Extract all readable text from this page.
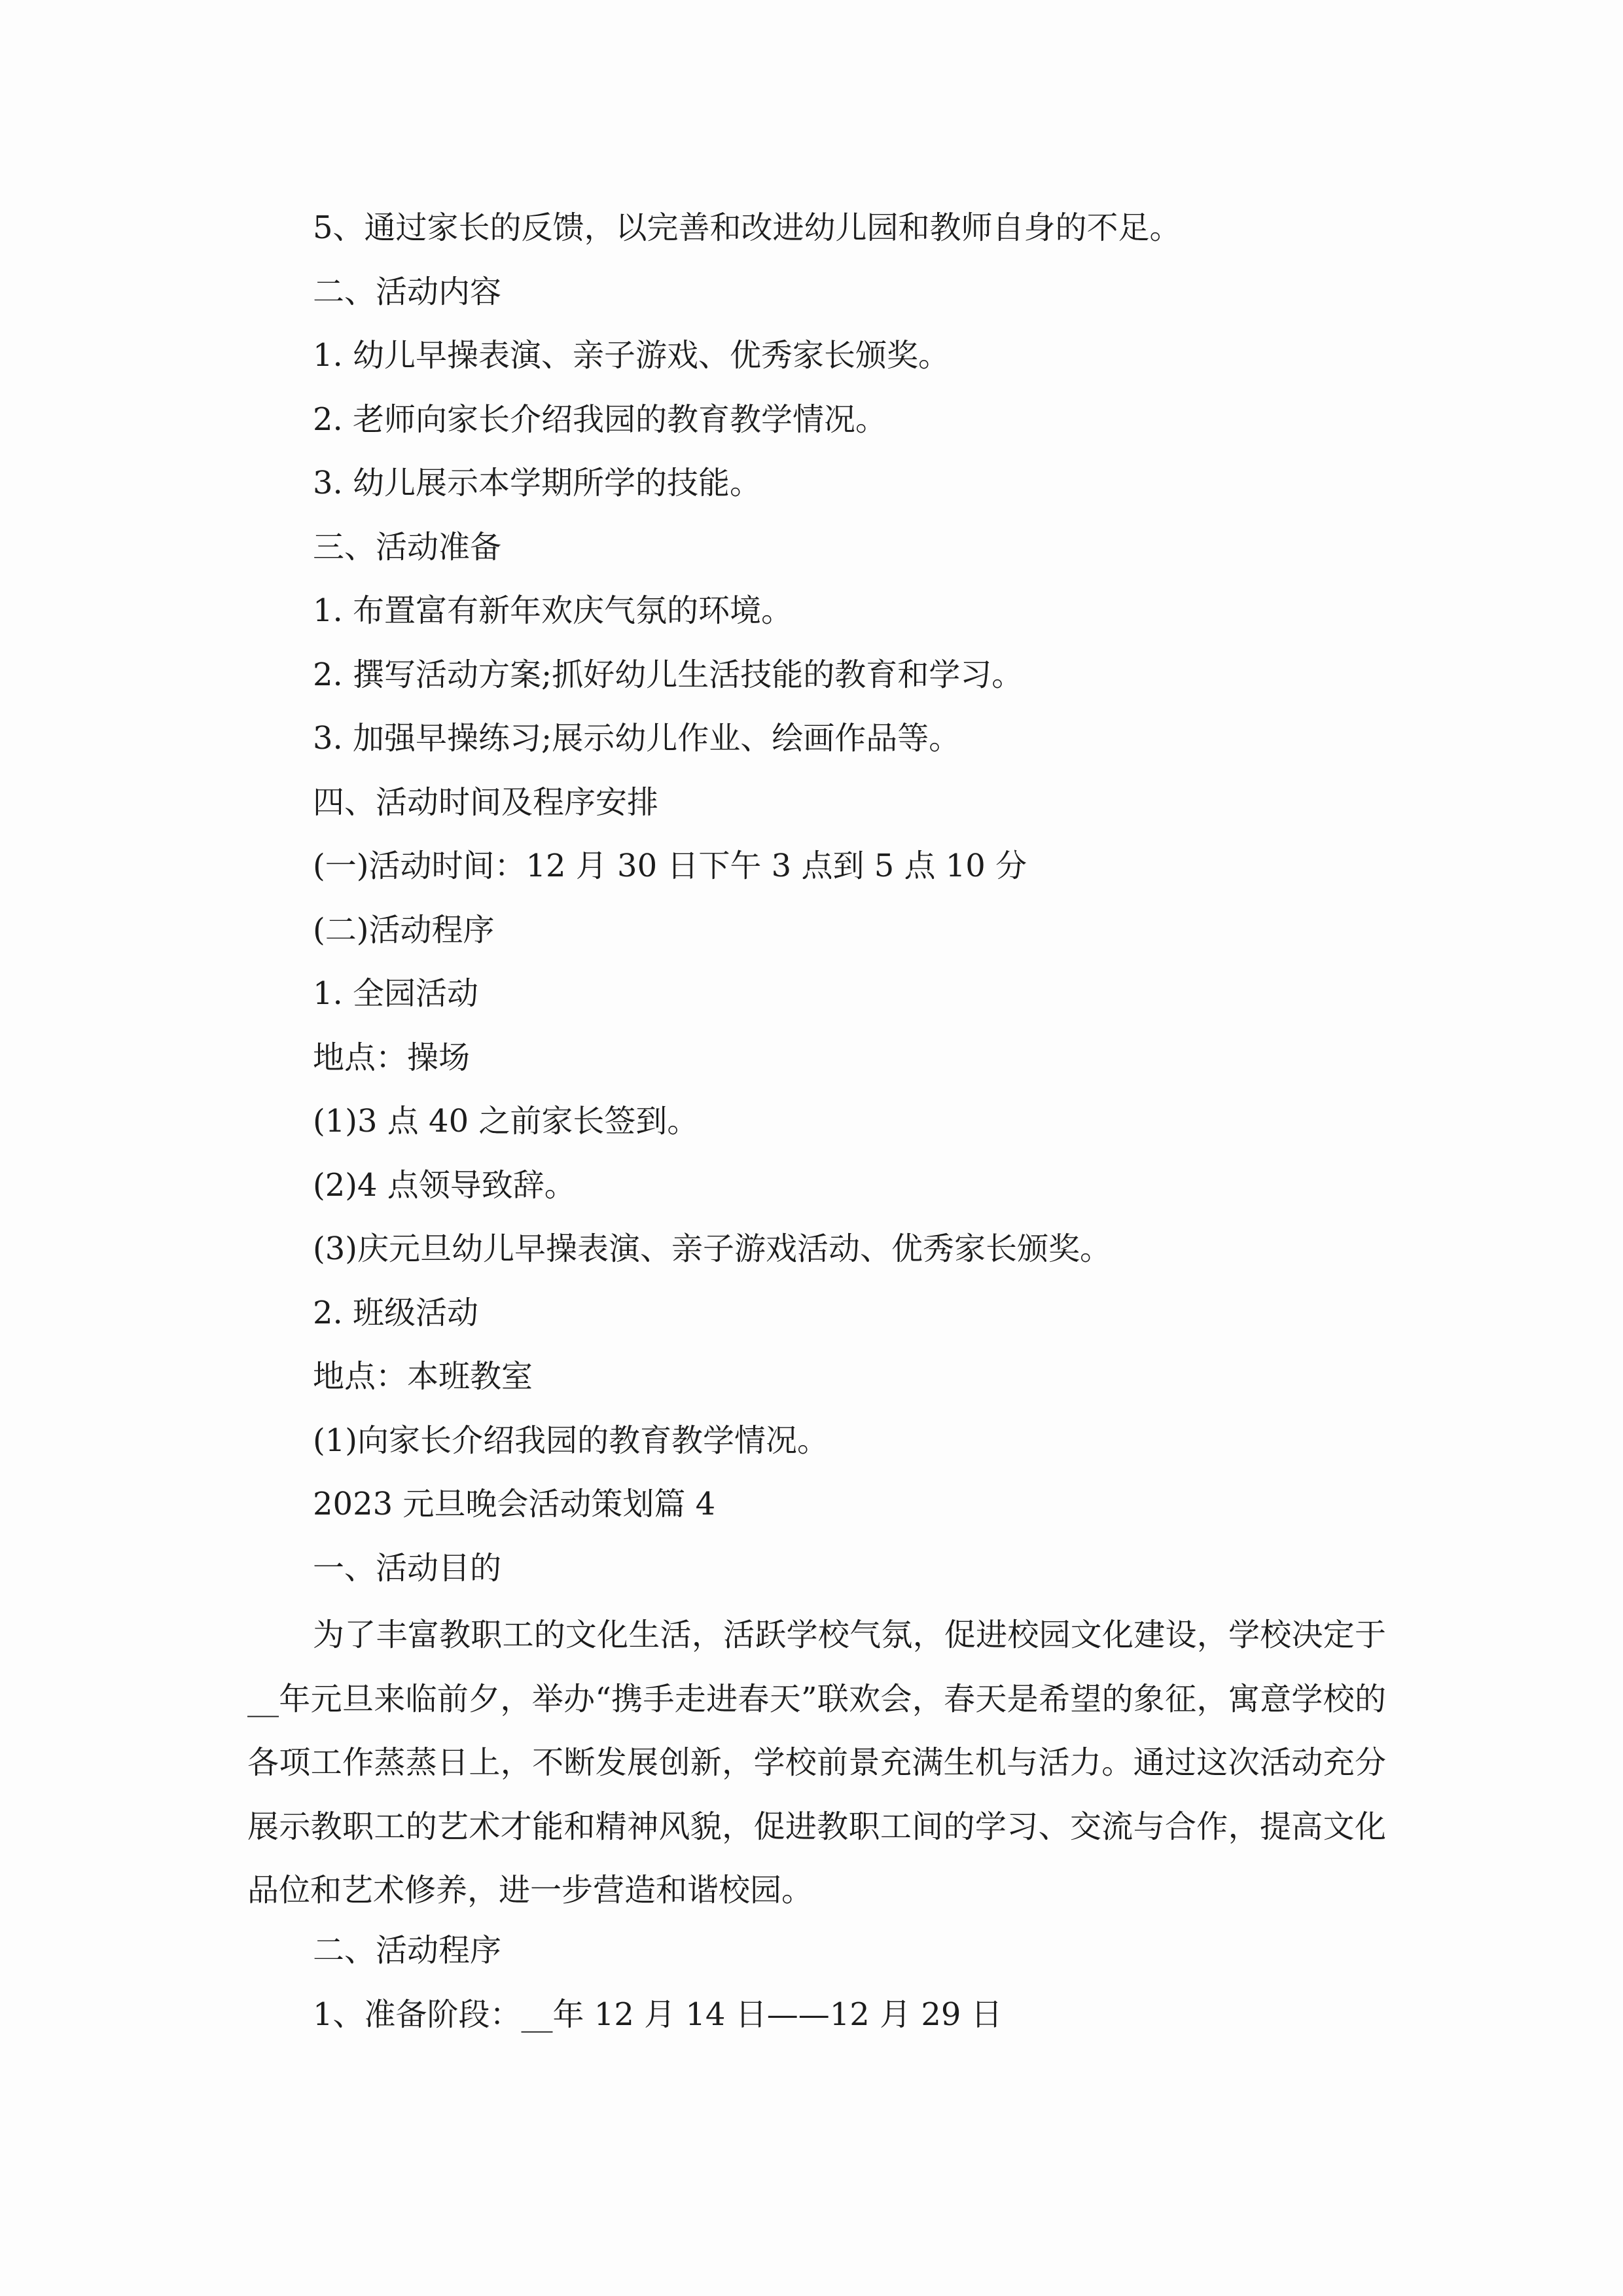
5、通过家长的反馈，以完善和改进幼儿园和教师自身的不足。
二、活动内容
1. 幼儿早操表演、亲子游戏、优秀家长颁奖。
2. 老师向家长介绍我园的教育教学情况。
3. 幼儿展示本学期所学的技能。
三、活动准备
1. 布置富有新年欢庆气氛的环境。
2. 撰写活动方案;抓好幼儿生活技能的教育和学习。
3. 加强早操练习;展示幼儿作业、绘画作品等。
四、活动时间及程序安排
(一)活动时间：12 月 30 日下午 3 点到 5 点 10 分
(二)活动程序
1. 全园活动
地点：操场
(1)3 点 40 之前家长签到。
(2)4 点领导致辞。
(3)庆元旦幼儿早操表演、亲子游戏活动、优秀家长颁奖。
2. 班级活动
地点：本班教室
(1)向家长介绍我园的教育教学情况。
2023 元旦晚会活动策划篇 4
一、活动目的

为了丰富教职工的文化生活，活跃学校气氛，促进校园文化建设，学校决定于__年元旦来临前夕，举办“携手走进春天”联欢会，春天是希望的象征，寓意学校的各项工作蒸蒸日上，不断发展创新，学校前景充满生机与活力。通过这次活动充分展示教职工的艺术才能和精神风貌，促进教职工间的学习、交流与合作，提高文化品位和艺术修养，进一步营造和谐校园。

二、活动程序
1、准备阶段：__年 12 月 14 日——12 月 29 日
